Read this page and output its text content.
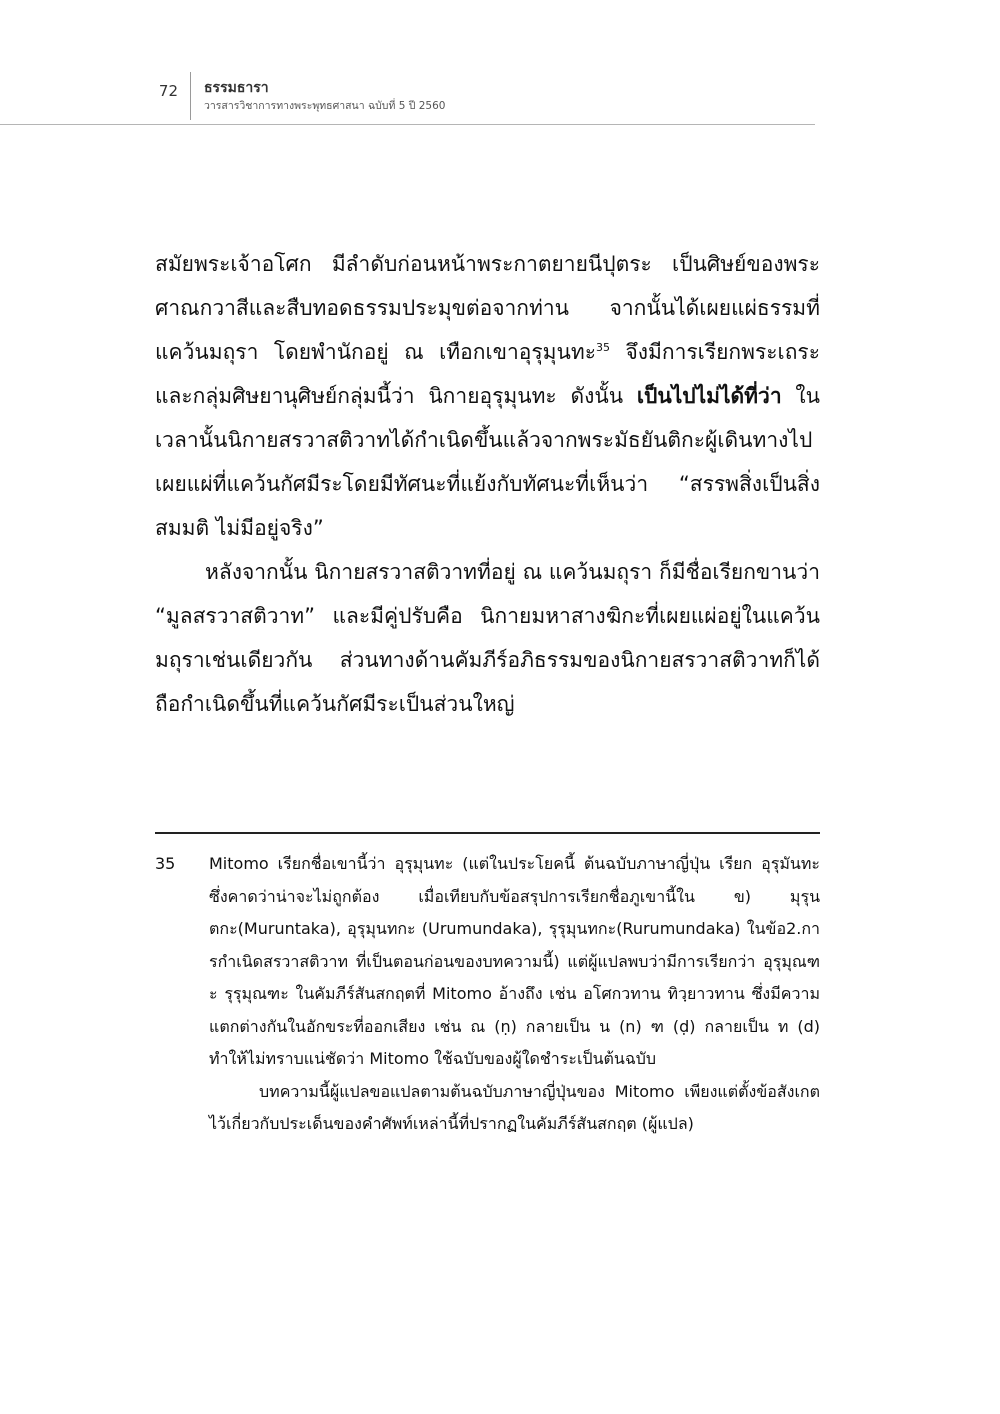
72 ธรรมธารา
วารสารวิชาการทางพระพุทธศาสนา ฉบับที่ 5 ปี 2560

สมัยพระเจ้าอโศก มีลำดับก่อนหน้าพระกาตยายนีปุตระ เป็นศิษย์ของพระศาณกวาสีและสืบทอดธรรมประมุขต่อจากท่าน จากนั้นได้เผยแผ่ธรรมที่แคว้นมถุรา โดยพำนักอยู่ ณ เทือกเขาอุรุมุนทะ$^{35}$ จึงมีการเรียกพระเถระและกลุ่มศิษยานุศิษย์กลุ่มนี้ว่า นิกายอุรุมุนทะ ดังนั้น เป็นไปไม่ได้ที่ว่า ในเวลานั้นนิกายสรวาสติวาทได้กำเนิดขึ้นแล้วจากพระมัธยันติกะผู้เดินทางไปเผยแผ่ที่แคว้นกัศมีระโดยมีทัศนะที่แย้งกับทัศนะที่เห็นว่า “สรรพสิ่งเป็นสิ่งสมมติ ไม่มีอยู่จริง”

หลังจากนั้น นิกายสรวาสติวาทที่อยู่ ณ แคว้นมถุรา ก็มีชื่อเรียกขานว่า “มูลสรวาสติวาท” และมีคู่ปรับคือ นิกายมหาสางฆิกะที่เผยแผ่อยู่ในแคว้นมถุราเช่นเดียวกัน ส่วนทางด้านคัมภีร์อภิธรรมของนิกายสรวาสติวาทก็ได้ถือกำเนิดขึ้นที่แคว้นกัศมีระเป็นส่วนใหญ่

35	Mitomo เรียกชื่อเขานี้ว่า อุรุมุนทะ (แต่ในประโยคนี้ ต้นฉบับภาษาญี่ปุ่น เรียก อุรุมันทะ ซึ่งคาดว่าน่าจะไม่ถูกต้อง เมื่อเทียบกับข้อสรุปการเรียกชื่อภูเขานี้ใน ข) มุรุนตกะ(Muruntaka), อุรุมุนทกะ (Urumundaka), รุรุมุนทกะ(Rurumundaka) ในข้อ2.การกำเนิดสรวาสติวาท ที่เป็นตอนก่อนของบทความนี้) แต่ผู้แปลพบว่ามีการเรียกว่า อุรุมุณฑะ รุรุมุณฑะ ในคัมภีร์สันสกฤตที่ Mitomo อ้างถึง เช่น อโศกวทาน ทิวฺยาวทาน ซึ่งมีความแตกต่างกันในอักขระที่ออกเสียง เช่น ณ (ṇ) กลายเป็น น (n) ฑ (ḍ) กลายเป็น ท (d) ทำให้ไม่ทราบแน่ชัดว่า Mitomo ใช้ฉบับของผู้ใดชำระเป็นต้นฉบับ

บทความนี้ผู้แปลขอแปลตามต้นฉบับภาษาญี่ปุ่นของ Mitomo เพียงแต่ตั้งข้อสังเกตไว้เกี่ยวกับประเด็นของคำศัพท์เหล่านี้ที่ปรากฏในคัมภีร์สันสกฤต (ผู้แปล)
